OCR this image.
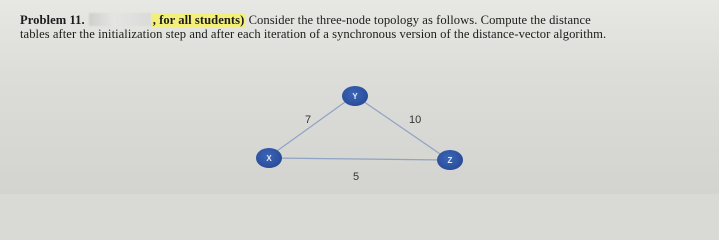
Problem 11.	, for all students) Consider the three-node topology as follows. Compute the distance
tables after the initialization step and after each iteration of a synchronous version of the distance-vector algorithm.
X
Y
Z
7	10
5
